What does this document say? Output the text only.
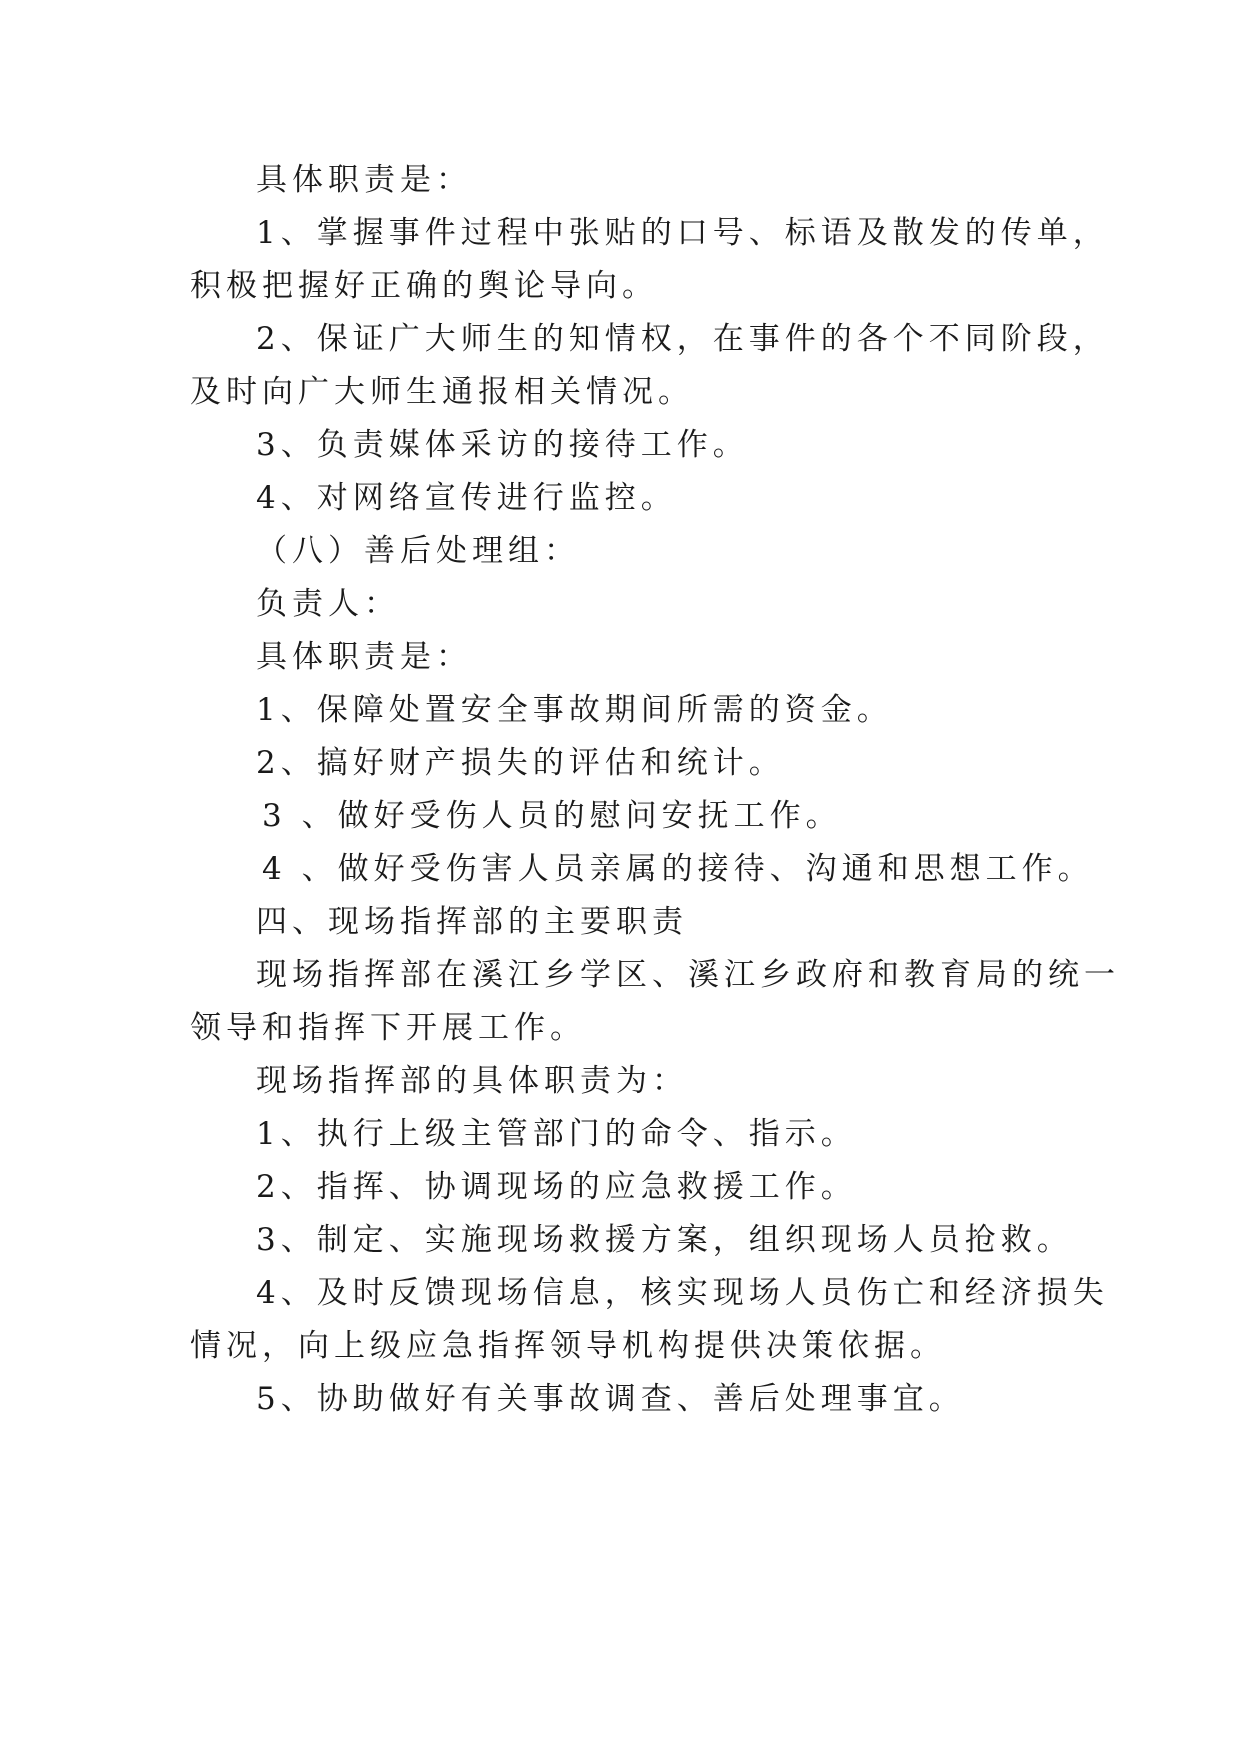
具体职责是：
1、掌握事件过程中张贴的口号、标语及散发的传单，
积极把握好正确的舆论导向。
2、保证广大师生的知情权，在事件的各个不同阶段，
及时向广大师生通报相关情况。
3、负责媒体采访的接待工作。
4、对网络宣传进行监控。
（八）善后处理组：
负责人：
具体职责是：
1、保障处置安全事故期间所需的资金。
2、搞好财产损失的评估和统计。
3 、做好受伤人员的慰问安抚工作。
4 、做好受伤害人员亲属的接待、沟通和思想工作。
四、现场指挥部的主要职责
现场指挥部在溪江乡学区、溪江乡政府和教育局的统一
领导和指挥下开展工作。
现场指挥部的具体职责为：
1、执行上级主管部门的命令、指示。
2、指挥、协调现场的应急救援工作。
3、制定、实施现场救援方案，组织现场人员抢救。
4、及时反馈现场信息，核实现场人员伤亡和经济损失
情况，向上级应急指挥领导机构提供决策依据。
5、协助做好有关事故调查、善后处理事宜。
